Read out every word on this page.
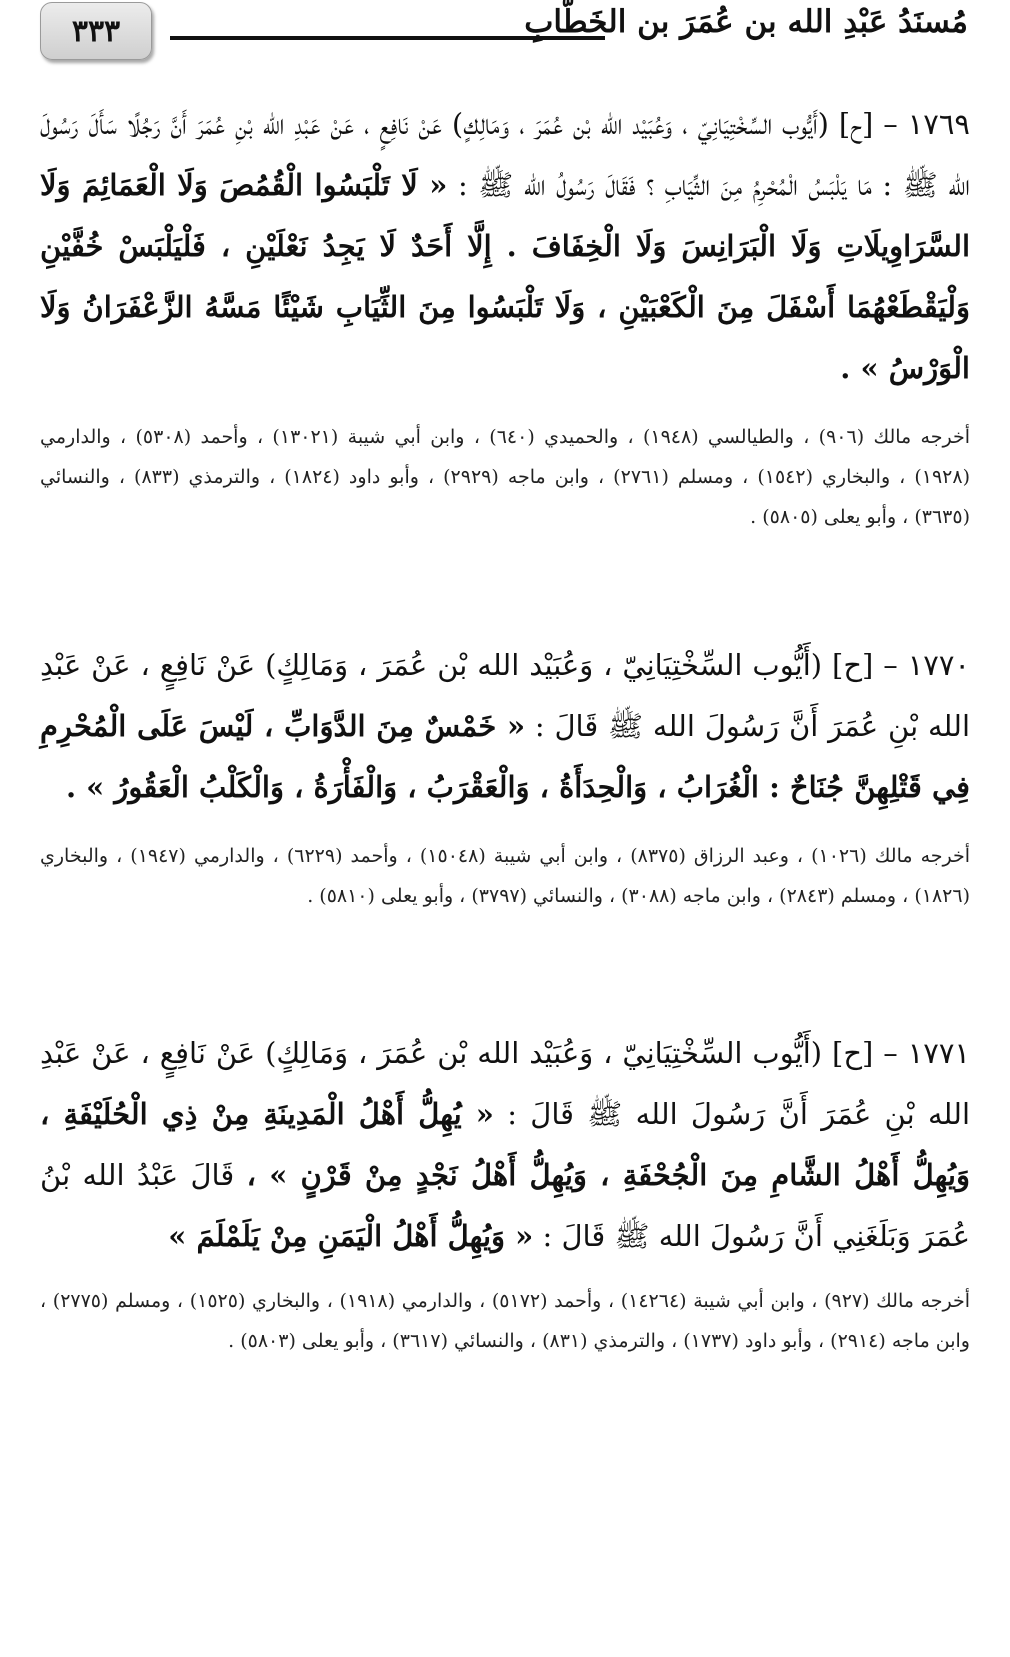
٣٣٣	مُسنَدُ عَبْدِ الله بن عُمَرَ بن الخَطَّابِ

١٧٦٩ – [ح] (أَيُّوب السِّخْتِيَانِيّ ، وَعُبَيْد الله بْن عُمَرَ ، وَمَالِكٍ) عَنْ نَافِعٍ ، عَنْ عَبْدِ الله بْنِ عُمَرَ أَنَّ رَجُلًا سَأَلَ رَسُولَ الله ﷺ : مَا يَلْبَسُ الْمُحْرِمُ مِنَ الثِّيَابِ ؟ فَقَالَ رَسُولُ الله ﷺ : « لَا تَلْبَسُوا الْقُمُصَ وَلَا الْعَمَائِمَ وَلَا السَّرَاوِيلَاتِ وَلَا الْبَرَانِسَ وَلَا الْخِفَافَ . إِلَّا أَحَدٌ لَا يَجِدُ نَعْلَيْنِ ، فَلْيَلْبَسْ خُفَّيْنِ وَلْيَقْطَعْهُمَا أَسْفَلَ مِنَ الْكَعْبَيْنِ ، وَلَا تَلْبَسُوا مِنَ الثِّيَابِ شَيْئًا مَسَّهُ الزَّعْفَرَانُ وَلَا الْوَرْسُ » .

أخرجه مالك (٩٠٦) ، والطيالسي (١٩٤٨) ، والحميدي (٦٤٠) ، وابن أبي شيبة (١٣٠٢١) ، وأحمد (٥٣٠٨) ، والدارمي (١٩٢٨) ، والبخاري (١٥٤٢) ، ومسلم (٢٧٦١) ، وابن ماجه (٢٩٢٩) ، وأبو داود (١٨٢٤) ، والترمذي (٨٣٣) ، والنسائي (٣٦٣٥) ، وأبو يعلى (٥٨٠٥) .

١٧٧٠ – [ح] (أَيُّوب السِّخْتِيَانِيّ ، وَعُبَيْد الله بْن عُمَرَ ، وَمَالِكٍ) عَنْ نَافِعٍ ، عَنْ عَبْدِ الله بْنِ عُمَرَ أَنَّ رَسُولَ الله ﷺ قَالَ : « خَمْسٌ مِنَ الدَّوَابِّ ، لَيْسَ عَلَى الْمُحْرِمِ فِي قَتْلِهِنَّ جُنَاحٌ : الْغُرَابُ ، وَالْحِدَأَةُ ، وَالْعَقْرَبُ ، وَالْفَأْرَةُ ، وَالْكَلْبُ الْعَقُورُ » .

أخرجه مالك (١٠٢٦) ، وعبد الرزاق (٨٣٧٥) ، وابن أبي شيبة (١٥٠٤٨) ، وأحمد (٦٢٢٩) ، والدارمي (١٩٤٧) ، والبخاري (١٨٢٦) ، ومسلم (٢٨٤٣) ، وابن ماجه (٣٠٨٨) ، والنسائي (٣٧٩٧) ، وأبو يعلى (٥٨١٠) .

١٧٧١ – [ح] (أَيُّوب السِّخْتِيَانِيّ ، وَعُبَيْد الله بْن عُمَرَ ، وَمَالِكٍ) عَنْ نَافِعٍ ، عَنْ عَبْدِ الله بْنِ عُمَرَ أَنَّ رَسُولَ الله ﷺ قَالَ : « يُهِلُّ أَهْلُ الْمَدِينَةِ مِنْ ذِي الْحُلَيْفَةِ ، وَيُهِلُّ أَهْلُ الشَّامِ مِنَ الْجُحْفَةِ ، وَيُهِلُّ أَهْلُ نَجْدٍ مِنْ قَرْنٍ » ، قَالَ عَبْدُ الله بْنُ عُمَرَ وَبَلَغَنِي أَنَّ رَسُولَ الله ﷺ قَالَ : « وَيُهِلُّ أَهْلُ الْيَمَنِ مِنْ يَلَمْلَمَ »

أخرجه مالك (٩٢٧) ، وابن أبي شيبة (١٤٢٦٤) ، وأحمد (٥١٧٢) ، والدارمي (١٩١٨) ، والبخاري (١٥٢٥) ، ومسلم (٢٧٧٥) ، وابن ماجه (٢٩١٤) ، وأبو داود (١٧٣٧) ، والترمذي (٨٣١) ، والنسائي (٣٦١٧) ، وأبو يعلى (٥٨٠٣) .
